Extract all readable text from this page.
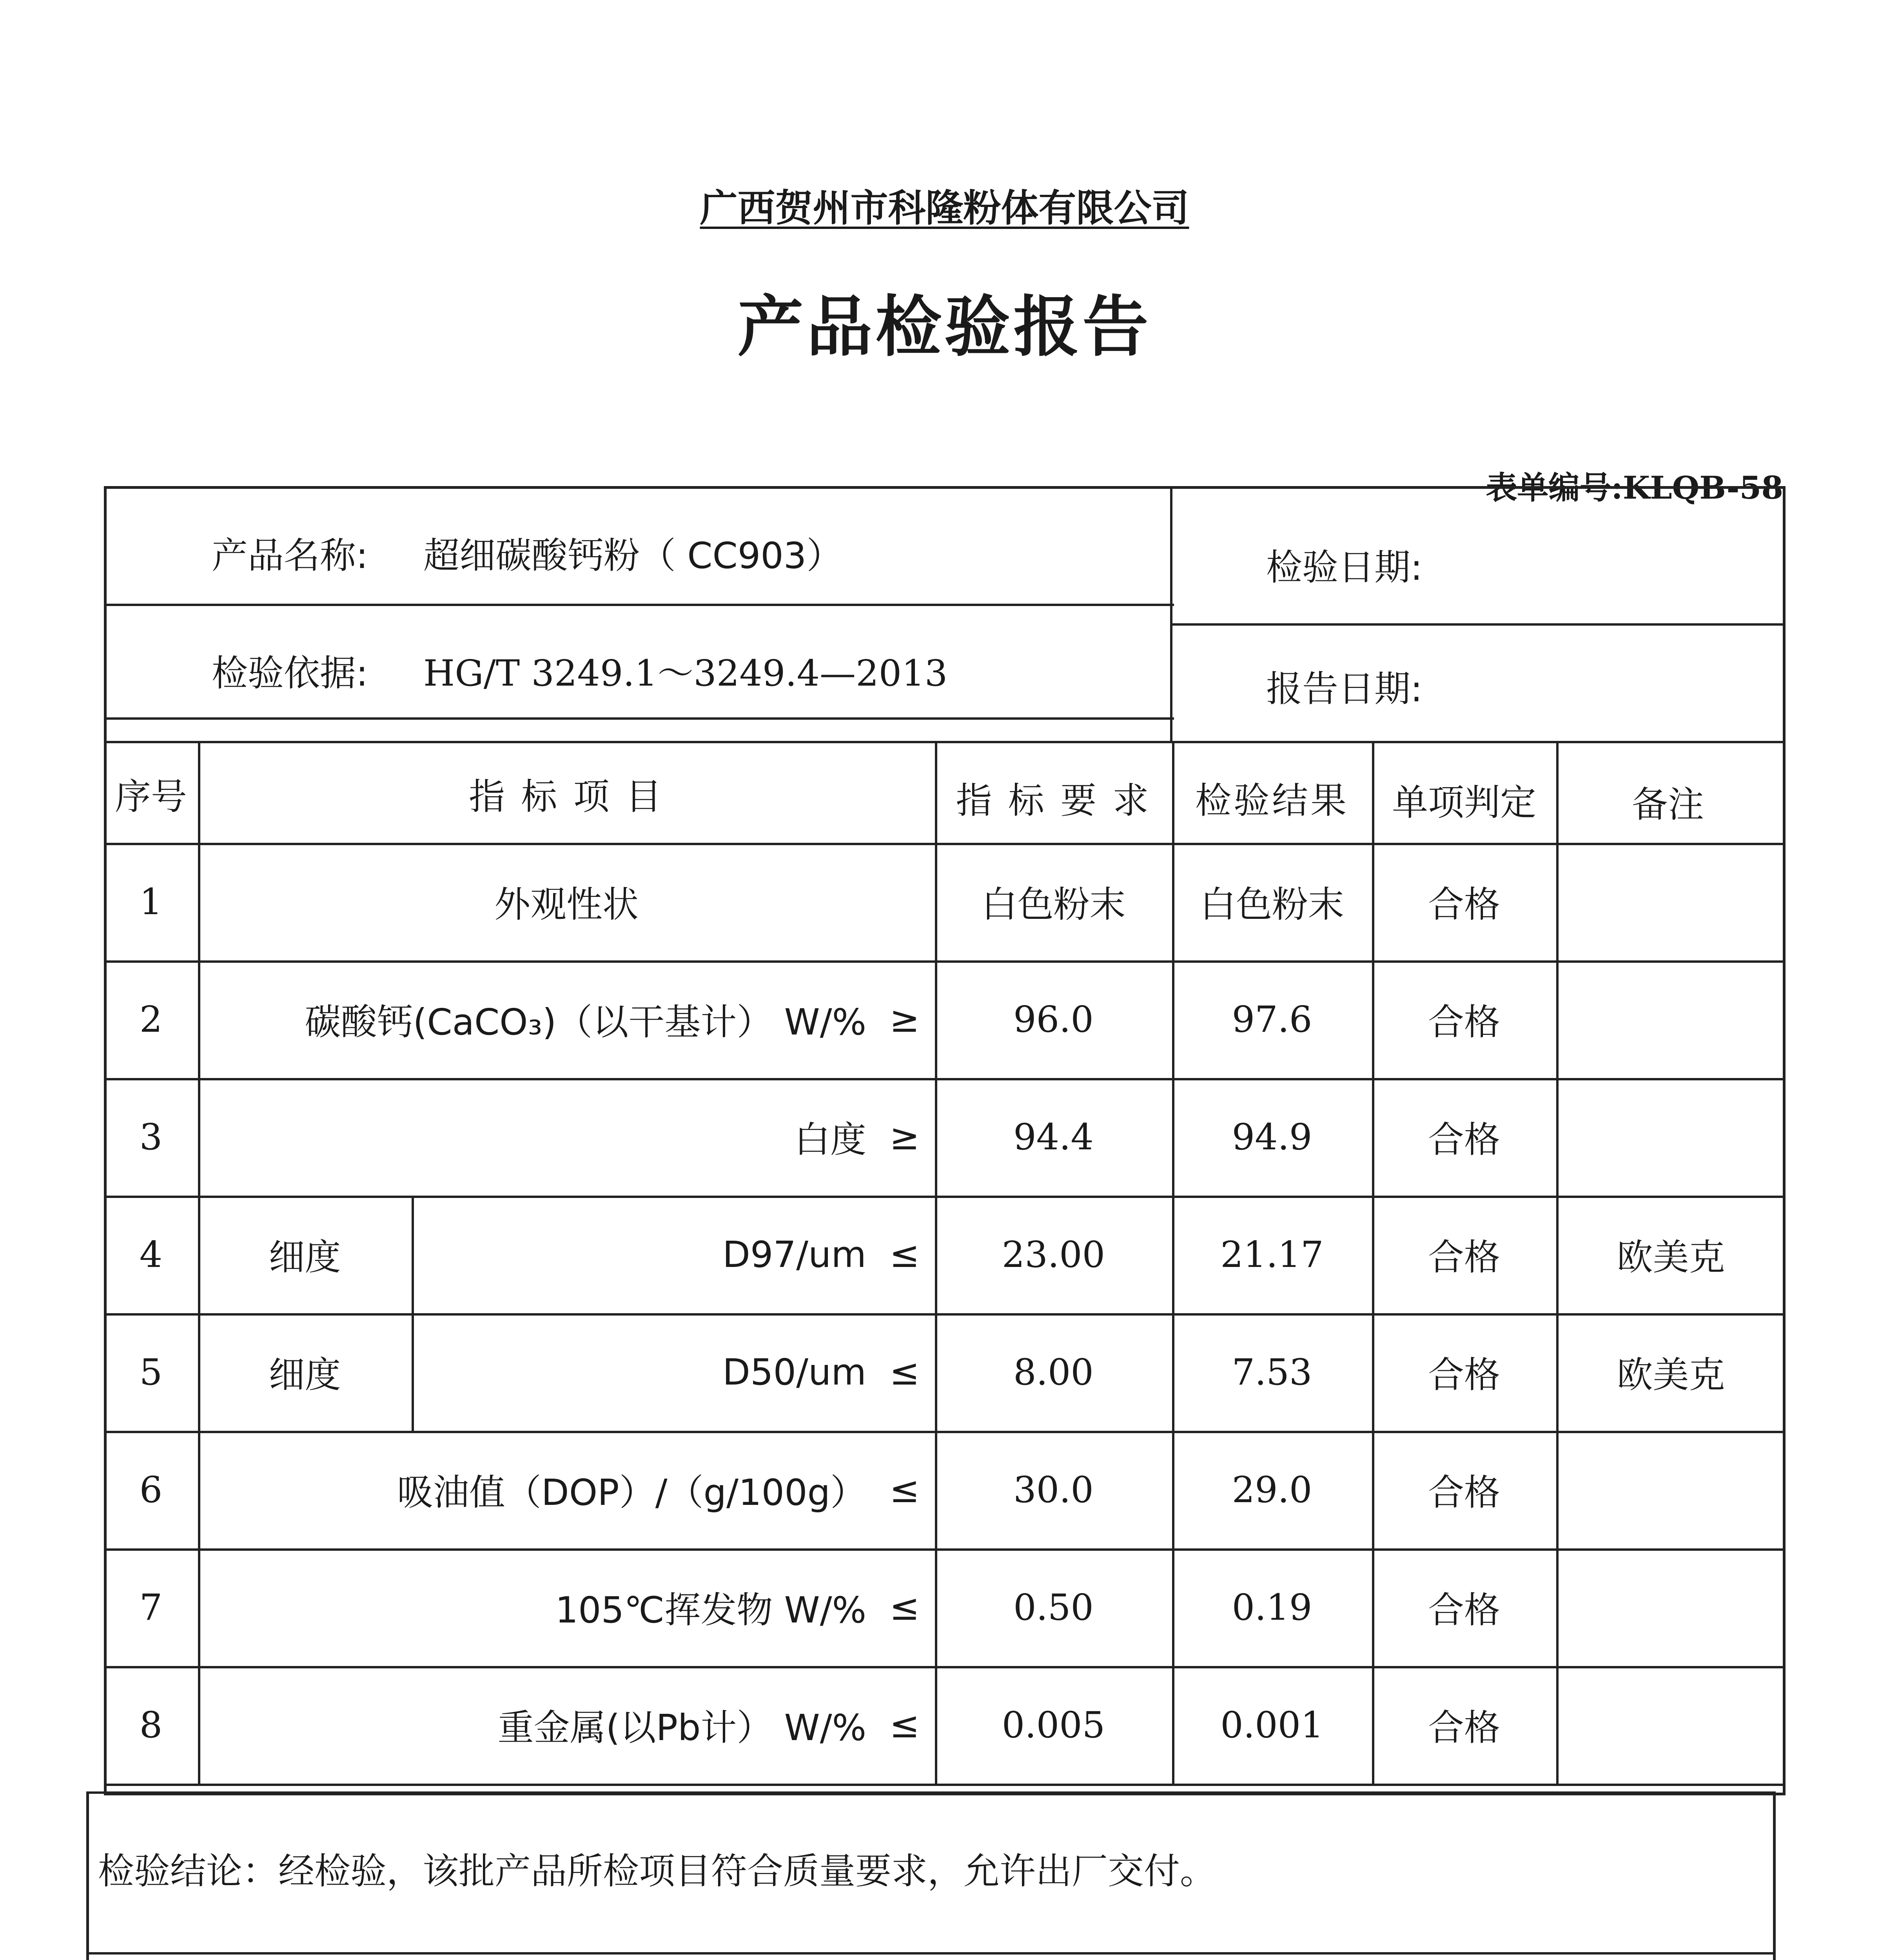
广西贺州市科隆粉体有限公司
产品检验报告
表单编号:KLQB-58
产品名称: 超细碳酸钙粉（ CC903）	检验日期:
检验依据: HG/T 3249.1～3249.4—2013	报告日期:
序号	指 标 项 目	指 标 要 求	检验结果	单项判定	备注
1	外观性状	白色粉末	白色粉末	合格
2	碳酸钙(CaCO₃)（以干基计） W/% ≥	96.0	97.6	合格
3	白度 ≥	94.4	94.9	合格
4	细度	D97/um ≤	23.00	21.17	合格	欧美克
5	细度	D50/um ≤	8.00	7.53	合格	欧美克
6	吸油值（DOP）/（g/100g） ≤	30.0	29.0	合格
7	105℃挥发物 W/% ≤	0.50	0.19	合格
8	重金属(以Pb计） W/% ≤	0.005	0.001	合格
检验结论：经检验，该批产品所检项目符合质量要求，允许出厂交付。
